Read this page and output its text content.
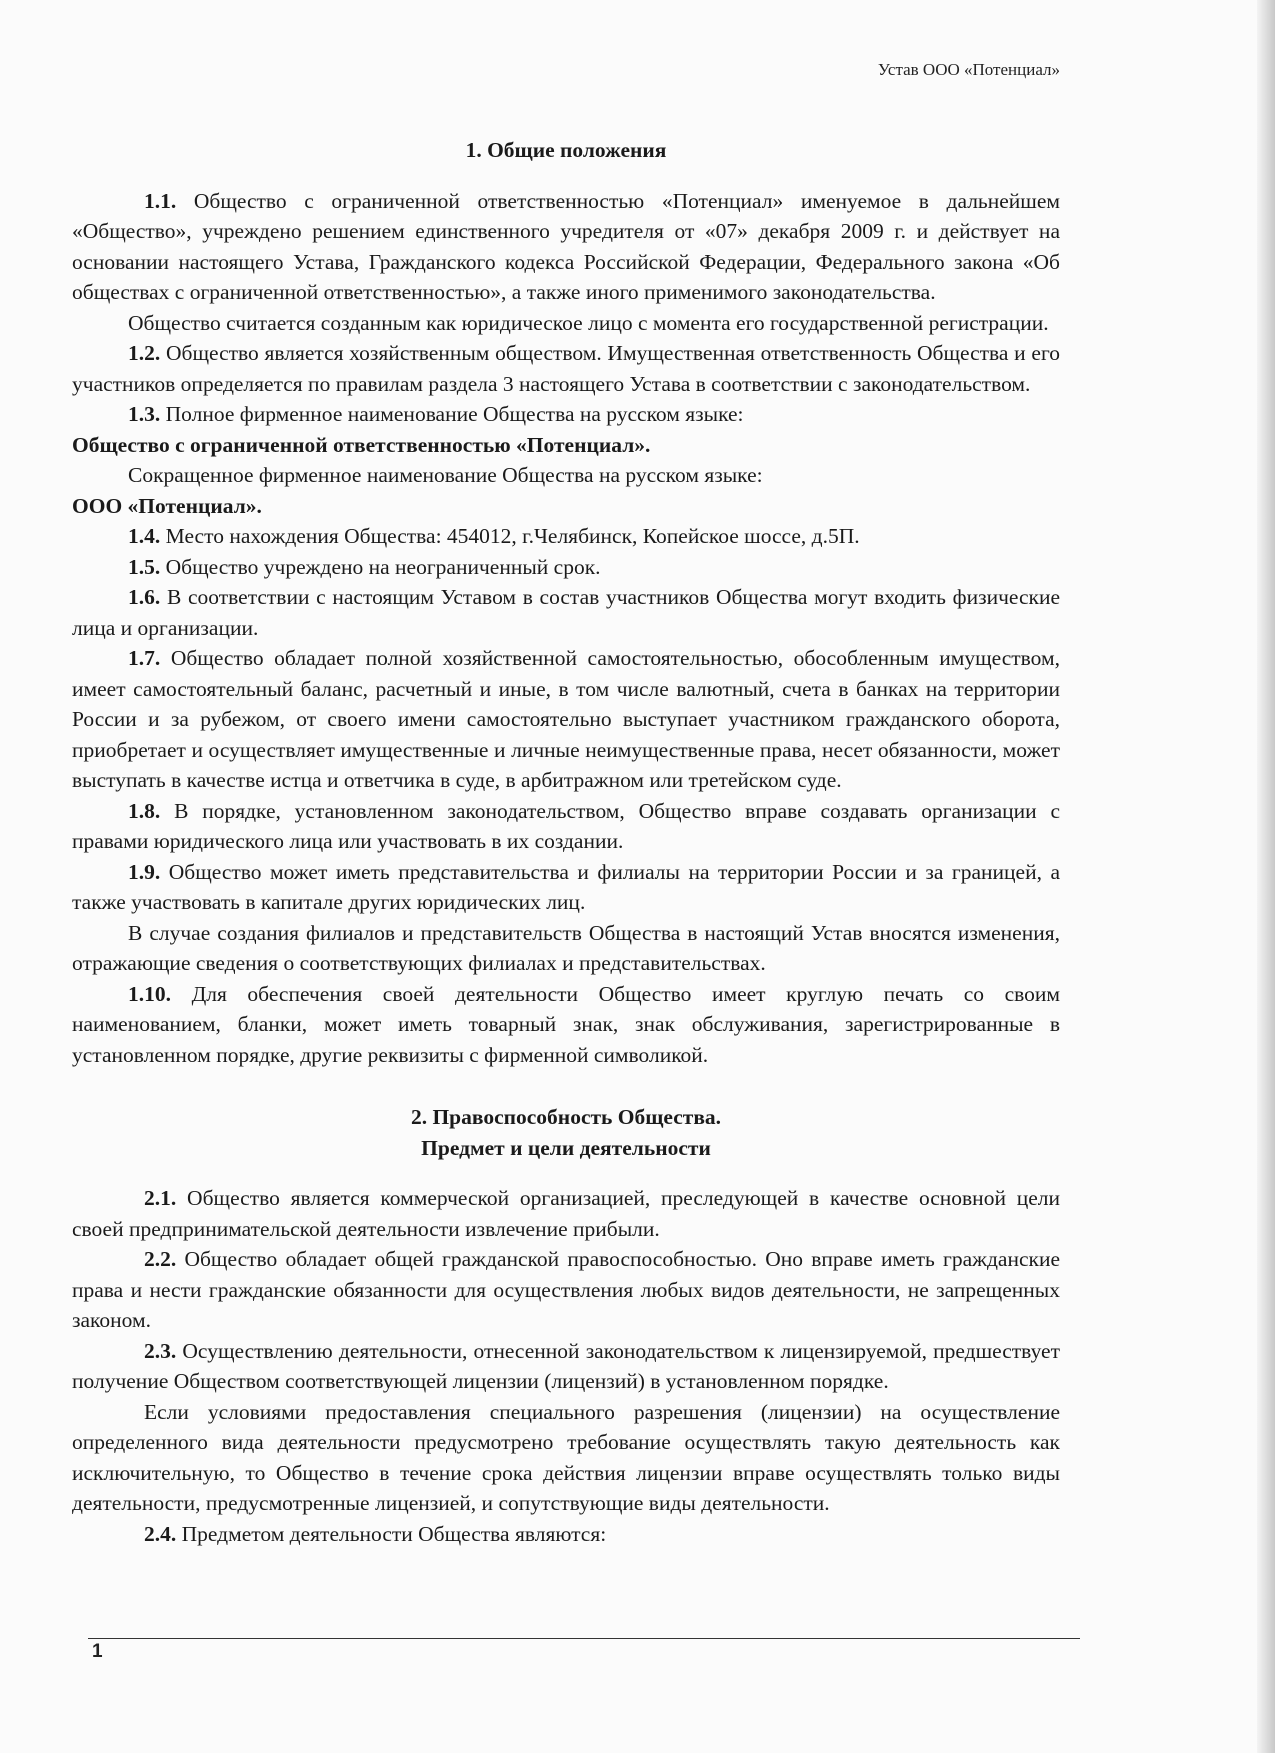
Устав ООО «Потенциал»

1. Общие положения

1.1. Общество с ограниченной ответственностью «Потенциал» именуемое в дальнейшем «Общество», учреждено решением единственного учредителя от «07» декабря 2009 г. и действует на основании настоящего Устава, Гражданского кодекса Российской Федерации, Федерального закона «Об обществах с ограниченной ответственностью», а также иного применимого законодательства.

Общество считается созданным как юридическое лицо с момента его государственной регистрации.

1.2. Общество является хозяйственным обществом. Имущественная ответственность Общества и его участников определяется по правилам раздела 3 настоящего Устава в соответствии с законодательством.

1.3. Полное фирменное наименование Общества на русском языке:

Общество с ограниченной ответственностью «Потенциал».

Сокращенное фирменное наименование Общества на русском языке:

ООО «Потенциал».

1.4. Место нахождения Общества: 454012, г.Челябинск, Копейское шоссе, д.5П.

1.5. Общество учреждено на неограниченный срок.

1.6. В соответствии с настоящим Уставом в состав участников Общества могут входить физические лица и организации.

1.7. Общество обладает полной хозяйственной самостоятельностью, обособленным имуществом, имеет самостоятельный баланс, расчетный и иные, в том числе валютный, счета в банках на территории России и за рубежом, от своего имени самостоятельно выступает участником гражданского оборота, приобретает и осуществляет имущественные и личные неимущественные права, несет обязанности, может выступать в качестве истца и ответчика в суде, в арбитражном или третейском суде.

1.8. В порядке, установленном законодательством, Общество вправе создавать организации с правами юридического лица или участвовать в их создании.

1.9. Общество может иметь представительства и филиалы на территории России и за границей, а также участвовать в капитале других юридических лиц.

В случае создания филиалов и представительств Общества в настоящий Устав вносятся изменения, отражающие сведения о соответствующих филиалах и представительствах.

1.10. Для обеспечения своей деятельности Общество имеет круглую печать со своим наименованием, бланки, может иметь товарный знак, знак обслуживания, зарегистрированные в установленном порядке, другие реквизиты с фирменной символикой.

2. Правоспособность Общества.

Предмет и цели деятельности

2.1. Общество является коммерческой организацией, преследующей в качестве основной цели своей предпринимательской деятельности извлечение прибыли.

2.2. Общество обладает общей гражданской правоспособностью. Оно вправе иметь гражданские права и нести гражданские обязанности для осуществления любых видов деятельности, не запрещенных законом.

2.3. Осуществлению деятельности, отнесенной законодательством к лицензируемой, предшествует получение Обществом соответствующей лицензии (лицензий) в установленном порядке.

Если условиями предоставления специального разрешения (лицензии) на осуществление определенного вида деятельности предусмотрено требование осуществлять такую деятельность как исключительную, то Общество в течение срока действия лицензии вправе осуществлять только виды деятельности, предусмотренные лицензией, и сопутствующие виды деятельности.

2.4. Предметом деятельности Общества являются:

1
